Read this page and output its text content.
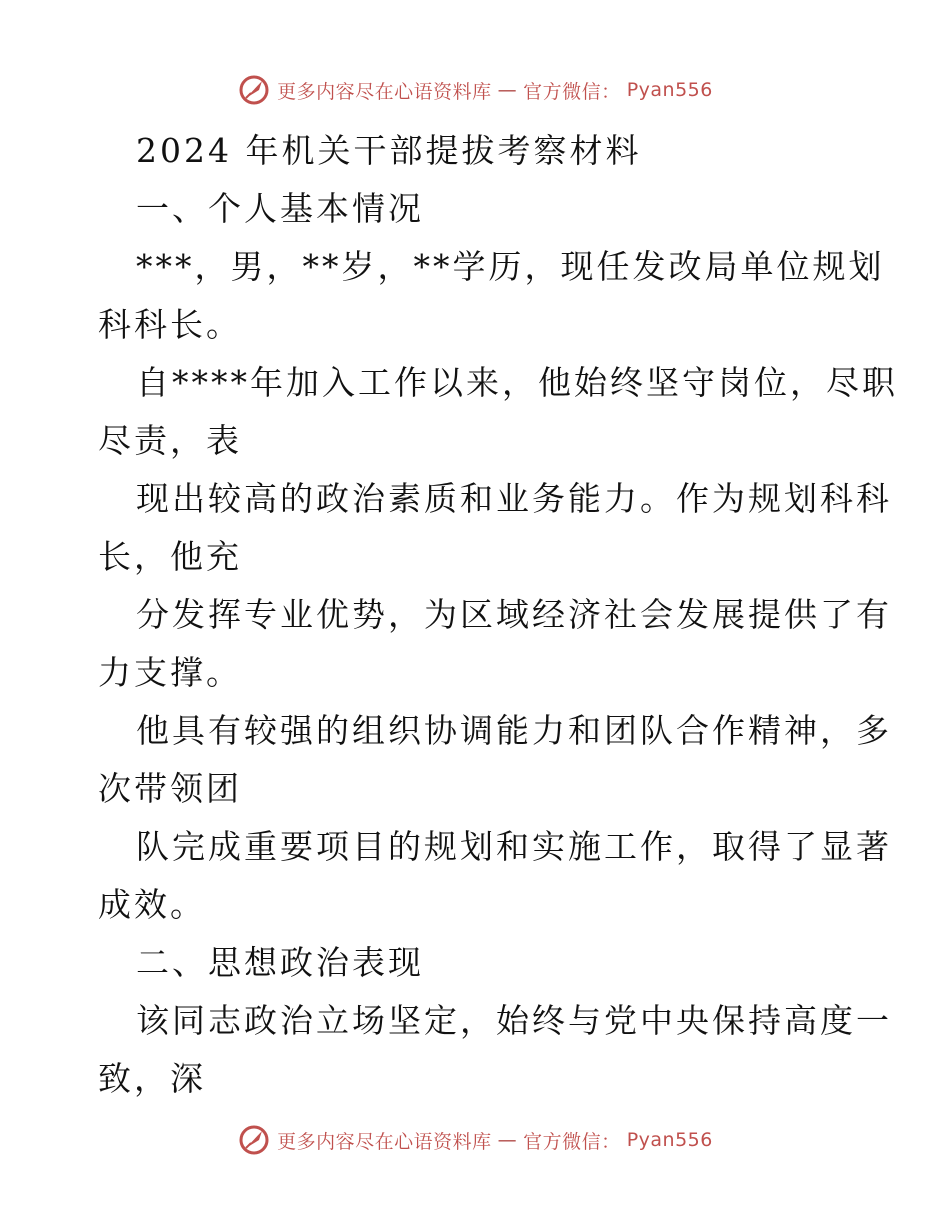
更多内容尽在心语资料库 — 官方微信： Pyan556
2024 年机关干部提拔考察材料
一、个人基本情况
***，男，**岁，**学历，现任发改局单位规划
科科长。
自****年加入工作以来，他始终坚守岗位，尽职
尽责，表
现出较高的政治素质和业务能力。作为规划科科
长，他充
分发挥专业优势，为区域经济社会发展提供了有
力支撑。
他具有较强的组织协调能力和团队合作精神，多
次带领团
队完成重要项目的规划和实施工作，取得了显著
成效。
二、思想政治表现
该同志政治立场坚定，始终与党中央保持高度一
致，深
更多内容尽在心语资料库 — 官方微信： Pyan556
